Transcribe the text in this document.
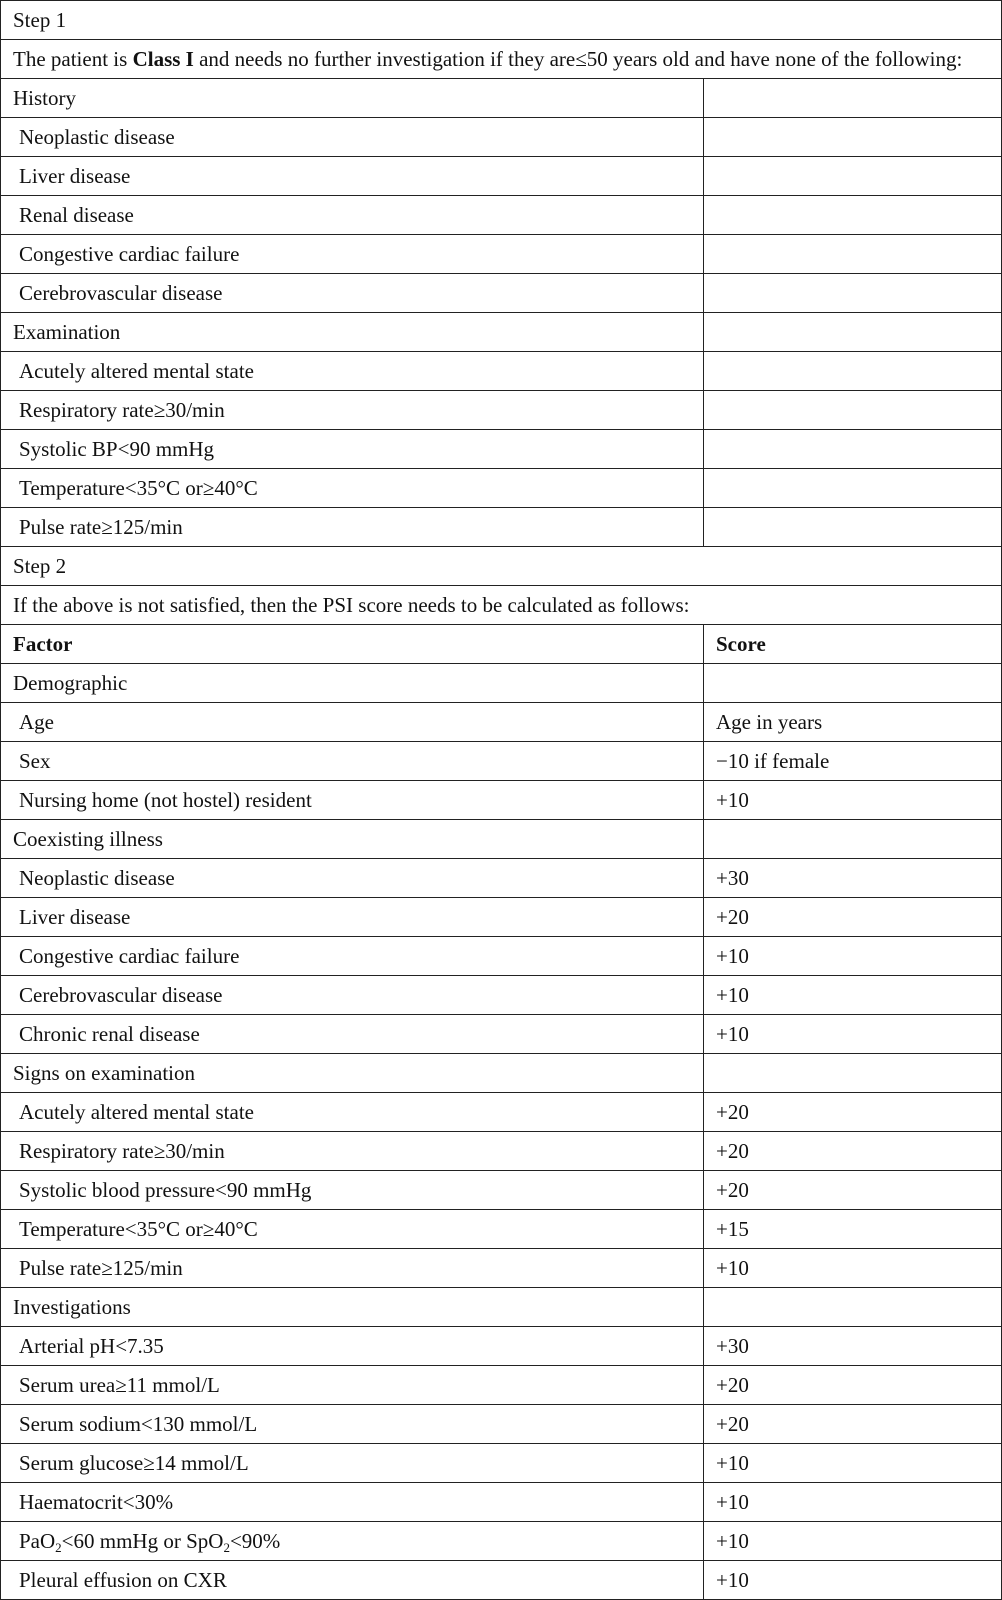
Step 1	
The patient is Class I and needs no further investigation if they are≤50 years old and have none of the following:	
History	
Neoplastic disease	
Liver disease	
Renal disease	
Congestive cardiac failure	
Cerebrovascular disease	
Examination	
Acutely altered mental state	
Respiratory rate≥30/min	
Systolic BP<90 mmHg	
Temperature<35°C or≥40°C	
Pulse rate≥125/min	
Step 2	
If the above is not satisfied, then the PSI score needs to be calculated as follows:	
Factor	Score
Demographic	
Age	Age in years
Sex	−10 if female
Nursing home (not hostel) resident	+10
Coexisting illness	
Neoplastic disease	+30
Liver disease	+20
Congestive cardiac failure	+10
Cerebrovascular disease	+10
Chronic renal disease	+10
Signs on examination	
Acutely altered mental state	+20
Respiratory rate≥30/min	+20
Systolic blood pressure<90 mmHg	+20
Temperature<35°C or≥40°C	+15
Pulse rate≥125/min	+10
Investigations	
Arterial pH<7.35	+30
Serum urea≥11 mmol/L	+20
Serum sodium<130 mmol/L	+20
Serum glucose≥14 mmol/L	+10
Haematocrit<30%	+10
PaO$_2$<60 mmHg or SpO$_2$<90%	+10
Pleural effusion on CXR	+10
